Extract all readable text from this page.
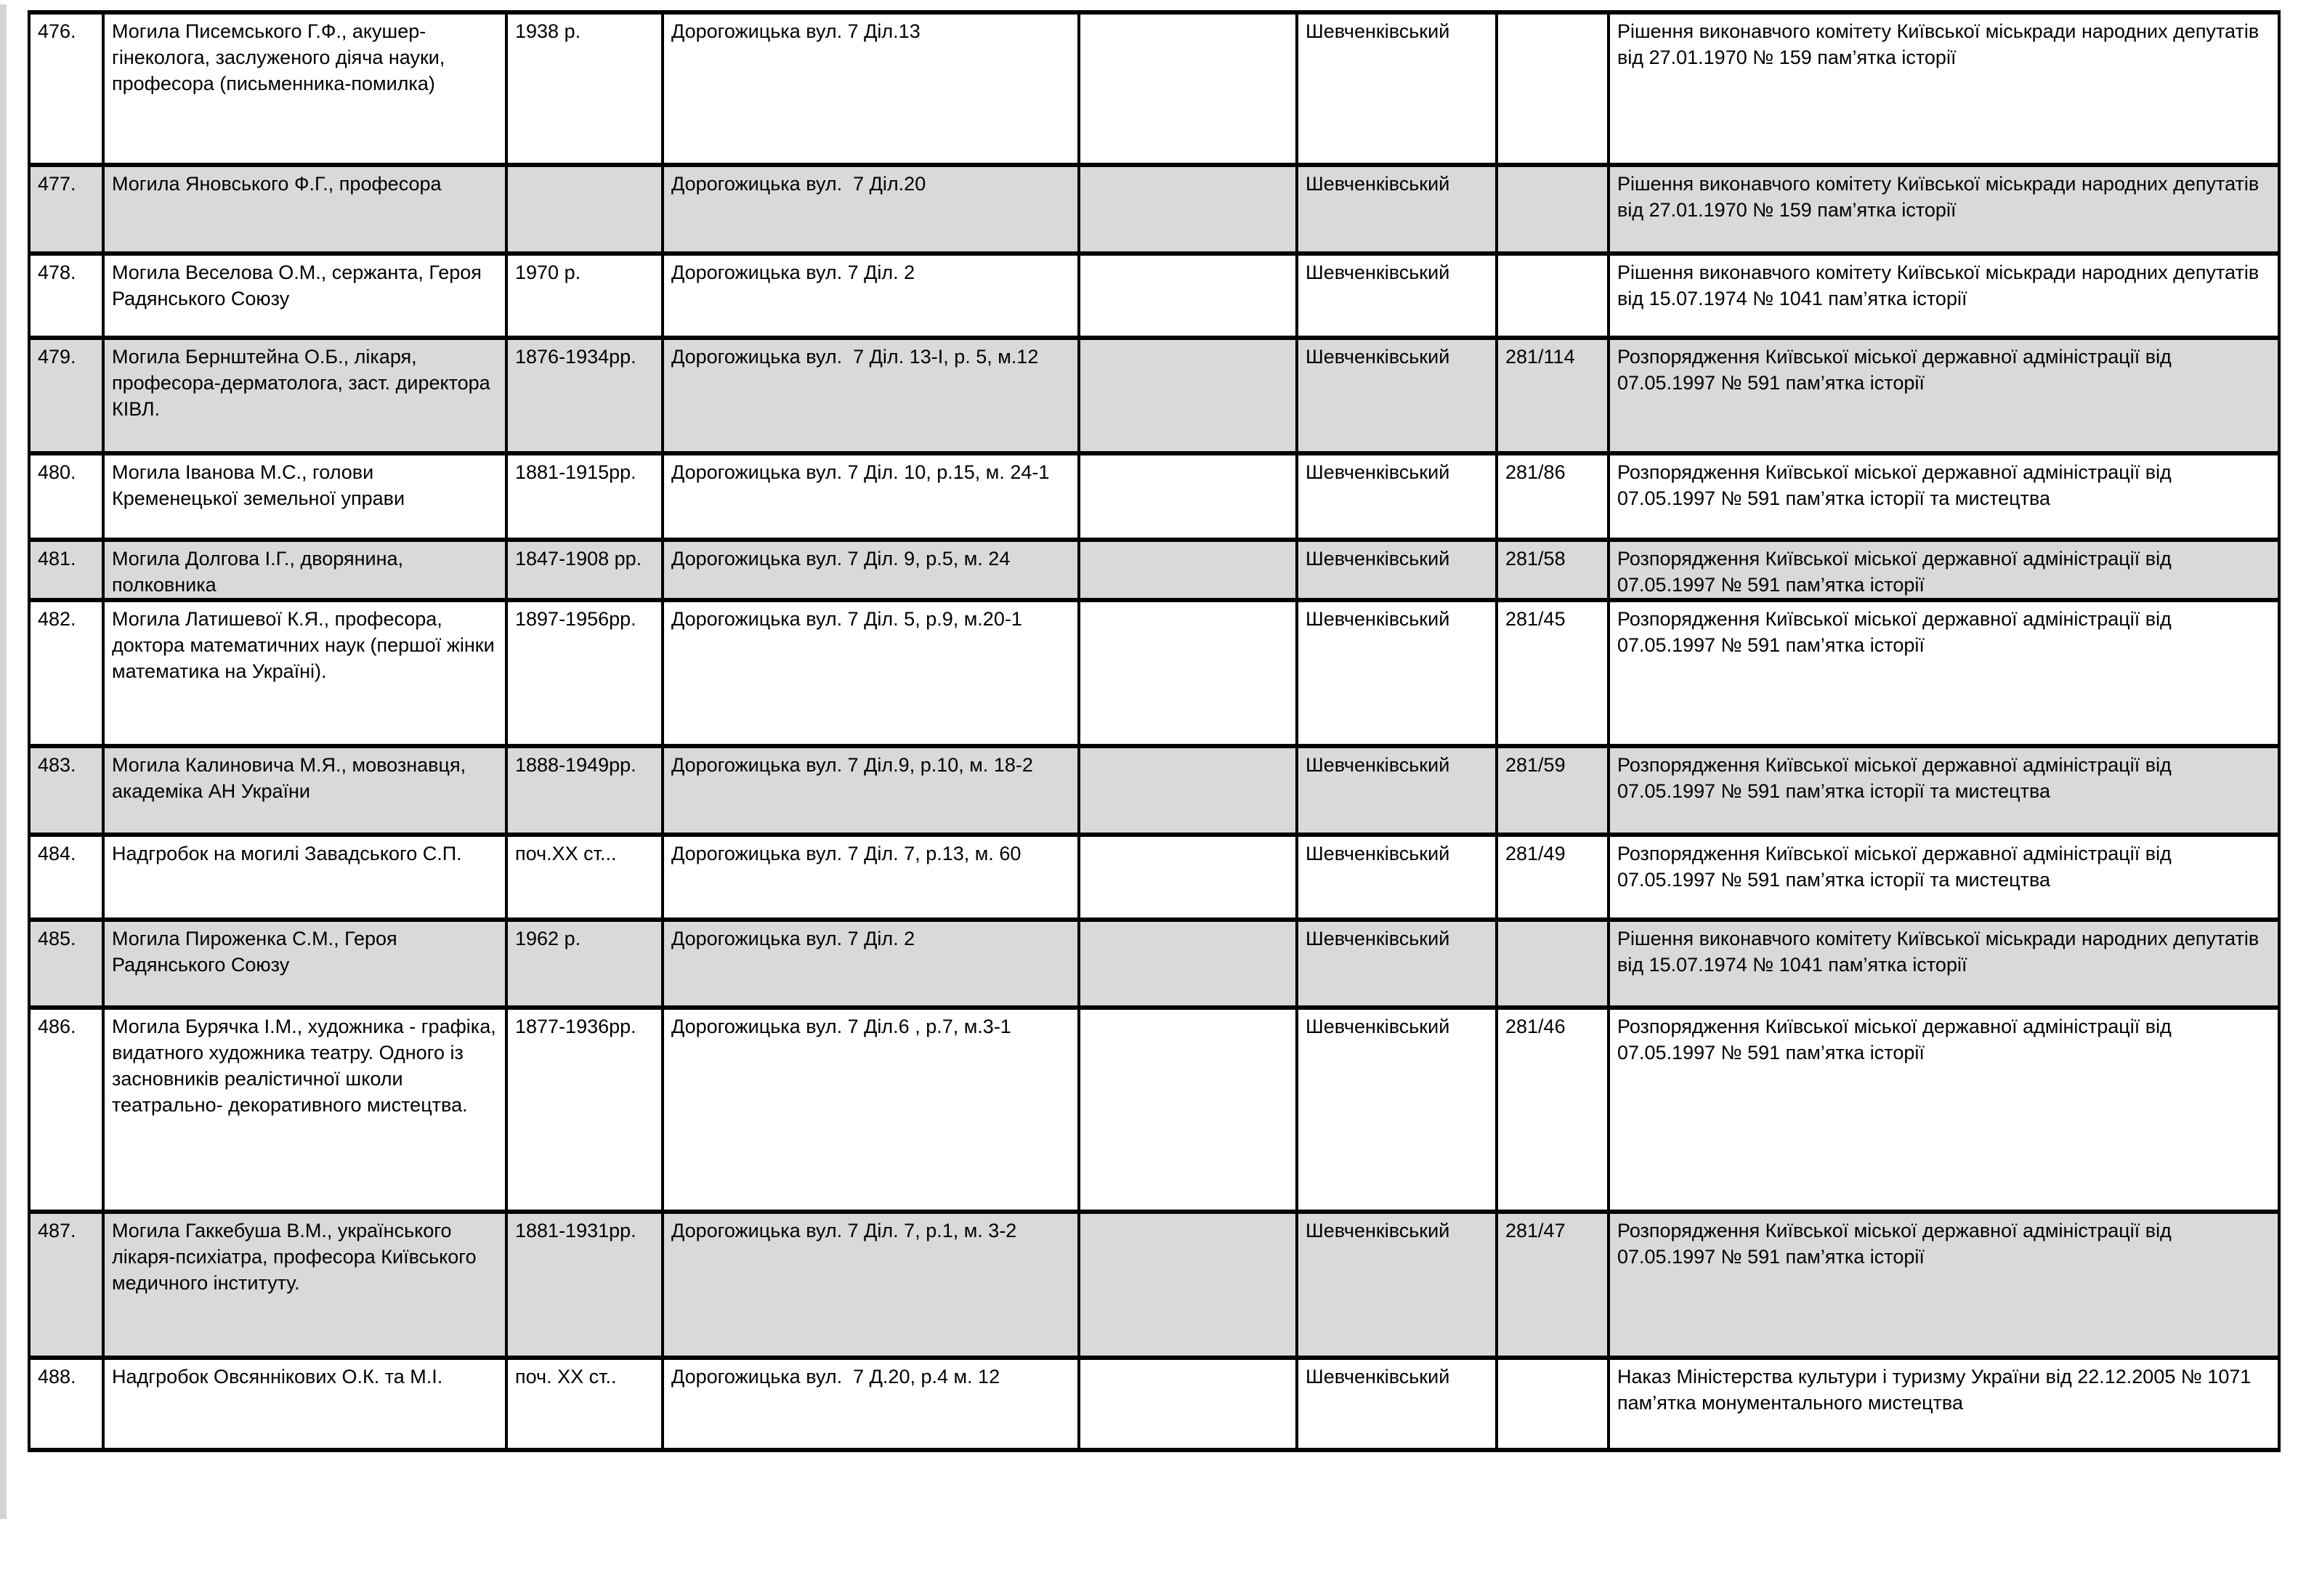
476.	Могила Писемського Г.Ф., акушер-гінеколога, заслуженого діяча науки, професора (письменника-помилка)	1938 р.	Дорогожицька вул. 7 Діл.13		Шевченківський		Рішення виконавчого комітету Київської міськради народних депутатів від 27.01.1970 № 159 пам’ятка історії
477.	Могила Яновського Ф.Г., професора		Дорогожицька вул.  7 Діл.20		Шевченківський		Рішення виконавчого комітету Київської міськради народних депутатів від 27.01.1970 № 159 пам’ятка історії
478.	Могила Веселова О.М., сержанта, Героя Радянського Союзу	1970 р.	Дорогожицька вул. 7 Діл. 2		Шевченківський		Рішення виконавчого комітету Київської міськради народних депутатів від 15.07.1974 № 1041 пам’ятка історії
479.	Могила Бернштейна О.Б., лікаря, професора-дерматолога, заст. директора КІВЛ.	1876-1934рр.	Дорогожицька вул.  7 Діл. 13-І, р. 5, м.12		Шевченківський	281/114	Розпорядження Київської міської державної адміністрації від 07.05.1997 № 591 пам’ятка історії
480.	Могила Іванова М.С., голови Кременецької земельної управи	1881-1915рр.	Дорогожицька вул. 7 Діл. 10, р.15, м. 24-1		Шевченківський	281/86	Розпорядження Київської міської державної адміністрації від 07.05.1997 № 591 пам’ятка історії та мистецтва
481.	Могила Долгова І.Г., дворянина, полковника	1847-1908 рр.	Дорогожицька вул. 7 Діл. 9, р.5, м. 24		Шевченківський	281/58	Розпорядження Київської міської державної адміністрації від 07.05.1997 № 591 пам’ятка історії
482.	Могила Латишевої К.Я., професора, доктора математичних наук (першої жінки математика на Україні).	1897-1956рр.	Дорогожицька вул. 7 Діл. 5, р.9, м.20-1		Шевченківський	281/45	Розпорядження Київської міської державної адміністрації від 07.05.1997 № 591 пам’ятка історії
483.	Могила Калиновича М.Я., мовознавця, академіка АН України	1888-1949рр.	Дорогожицька вул. 7 Діл.9, р.10, м. 18-2		Шевченківський	281/59	Розпорядження Київської міської державної адміністрації від 07.05.1997 № 591 пам’ятка історії та мистецтва
484.	Надгробок на могилі Завадського С.П.	поч.ХХ ст...	Дорогожицька вул. 7 Діл. 7, р.13, м. 60		Шевченківський	281/49	Розпорядження Київської міської державної адміністрації від 07.05.1997 № 591 пам’ятка історії та мистецтва
485.	Могила Пироженка С.М., Героя Радянського Союзу	1962 р.	Дорогожицька вул. 7 Діл. 2		Шевченківський		Рішення виконавчого комітету Київської міськради народних депутатів від 15.07.1974 № 1041 пам’ятка історії
486.	Могила Бурячка І.М., художника - графіка, видатного художника театру. Одного із засновників реалістичної школи театрально- декоративного мистецтва.	1877-1936рр.	Дорогожицька вул. 7 Діл.6 , р.7, м.3-1		Шевченківський	281/46	Розпорядження Київської міської державної адміністрації від 07.05.1997 № 591 пам’ятка історії
487.	Могила Гаккебуша В.М., українського лікаря-психіатра, професора Київського медичного інституту.	1881-1931рр.	Дорогожицька вул. 7 Діл. 7, р.1, м. 3-2		Шевченківський	281/47	Розпорядження Київської міської державної адміністрації від 07.05.1997 № 591 пам’ятка історії
488.	Надгробок Овсяннікових О.К. та М.І.	поч. ХХ ст..	Дорогожицька вул.  7 Д.20, р.4 м. 12		Шевченківський		Наказ Міністерства культури і туризму України від 22.12.2005 № 1071 пам’ятка монументального мистецтва
